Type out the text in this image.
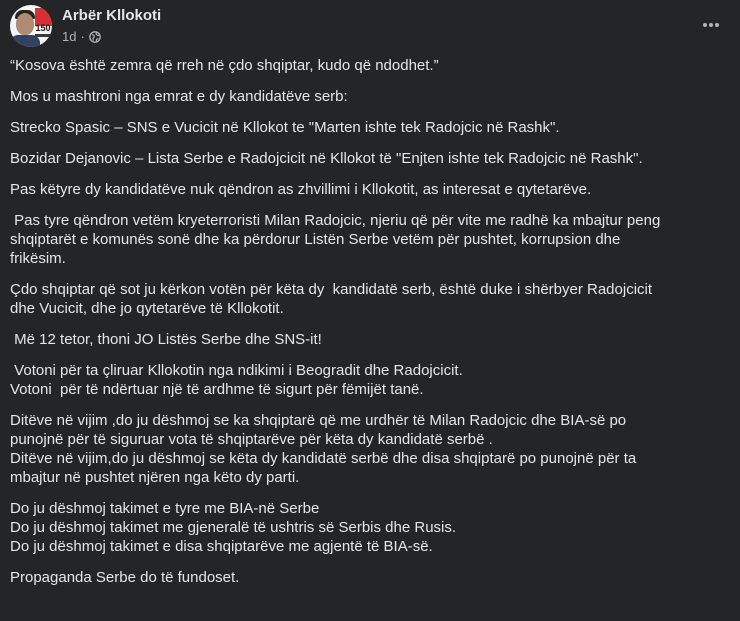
150
Arbër Kllokoti
1d ·

“Kosova është zemra që rreh në çdo shqiptar, kudo që ndodhet.”

Mos u mashtroni nga emrat e dy kandidatëve serb:

Strecko Spasic – SNS e Vucicit në Kllokot te "Marten ishte tek Radojcic në Rashk".

Bozidar Dejanovic – Lista Serbe e Radojcicit në Kllokot të "Enjten ishte tek Radojcic në Rashk".

Pas këtyre dy kandidatëve nuk qëndron as zhvillimi i Kllokotit, as interesat e qytetarëve.

Pas tyre qëndron vetëm kryeterroristi Milan Radojcic, njeriu që për vite me radhë ka mbajtur peng
shqiptarët e komunës sonë dhe ka përdorur Listën Serbe vetëm për pushtet, korrupsion dhe
frikësim.

Çdo shqiptar që sot ju kërkon votën për këta dy  kandidatë serb, është duke i shërbyer Radojcicit
dhe Vucicit, dhe jo qytetarëve të Kllokotit.

Më 12 tetor, thoni JO Listës Serbe dhe SNS-it!

Votoni për ta çliruar Kllokotin nga ndikimi i Beogradit dhe Radojcicit.
Votoni  për të ndërtuar një të ardhme të sigurt për fëmijët tanë.

Ditëve në vijim ,do ju dëshmoj se ka shqiptarë që me urdhër të Milan Radojcic dhe BIA-së po
punojnë për të siguruar vota të shqiptarëve për këta dy kandidatë serbë .
Ditëve në vijim,do ju dëshmoj se këta dy kandidatë serbë dhe disa shqiptarë po punojnë për ta
mbajtur në pushtet njëren nga këto dy parti.

Do ju dëshmoj takimet e tyre me BIA-në Serbe
Do ju dëshmoj takimet me gjeneralë të ushtris së Serbis dhe Rusis.
Do ju dëshmoj takimet e disa shqiptarëve me agjentë të BIA-së.

Propaganda Serbe do të fundoset.
